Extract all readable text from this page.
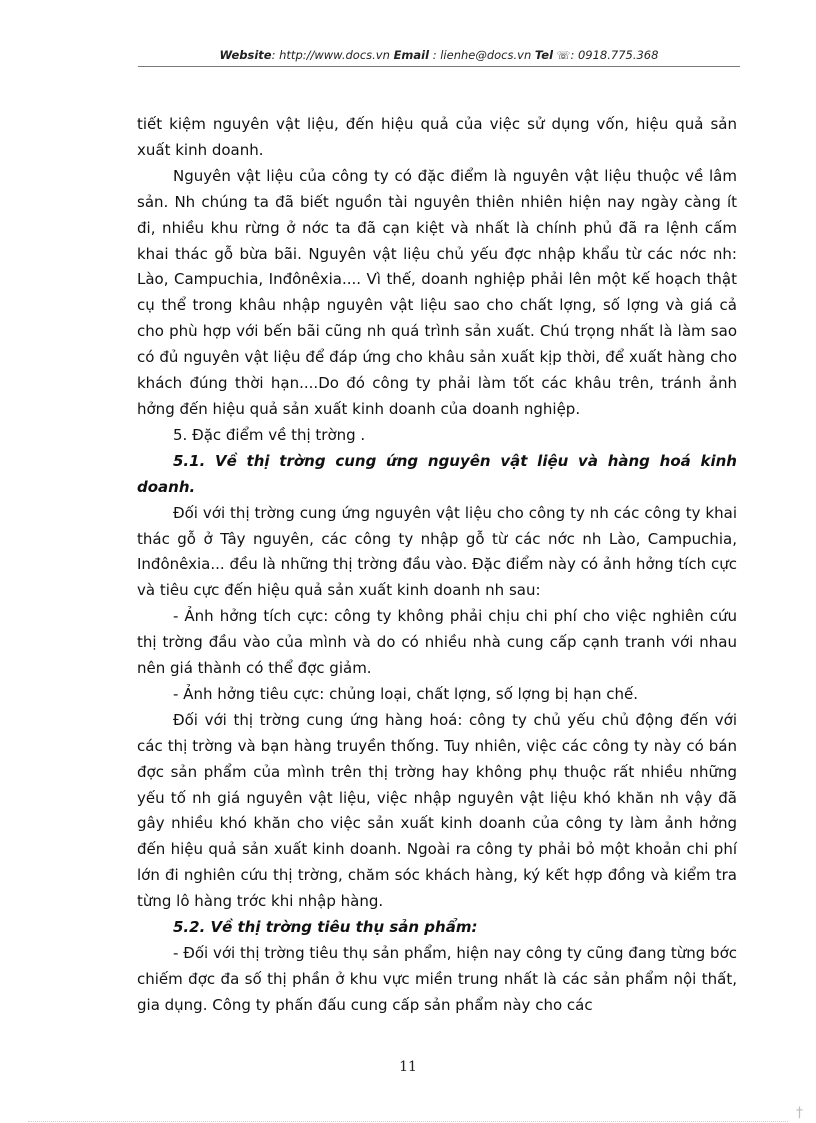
Website: http://www.docs.vn Email : lienhe@docs.vn Tel ☏: 0918.775.368

tiết kiệm nguyên vật liệu, đến hiệu quả của việc sử dụng vốn, hiệu quả sản xuất kinh doanh.

Nguyên vật liệu của công ty có đặc điểm là nguyên vật liệu thuộc về lâm sản. Nh chúng ta đã biết nguồn tài nguyên thiên nhiên hiện nay ngày càng ít đi, nhiều khu rừng ở nớc ta đã cạn kiệt và nhất là chính phủ đã ra lệnh cấm khai thác gỗ bừa bãi. Nguyên vật liệu chủ yếu đợc nhập khẩu từ các nớc nh: Lào, Campuchia, Inđônêxia.... Vì thế, doanh nghiệp phải lên một kế hoạch thật cụ thể trong khâu nhập nguyên vật liệu sao cho chất lợng, số lợng và giá cả cho phù hợp với bến bãi cũng nh quá trình sản xuất. Chú trọng nhất là làm sao có đủ nguyên vật liệu để đáp ứng cho khâu sản xuất kịp thời, để xuất hàng cho khách đúng thời hạn....Do đó công ty phải làm tốt các khâu trên, tránh ảnh hởng đến hiệu quả sản xuất kinh doanh của doanh nghiệp.

5. Đặc điểm về thị trờng .

5.1. Về thị trờng cung ứng nguyên vật liệu và hàng hoá kinh doanh.

Đối với thị trờng cung ứng nguyên vật liệu cho công ty nh các công ty khai thác gỗ ở Tây nguyên, các công ty nhập gỗ từ các nớc nh Lào, Campuchia, Inđônêxia... đều là những thị trờng đầu vào. Đặc điểm này có ảnh hởng tích cực và tiêu cực đến hiệu quả sản xuất kinh doanh nh sau:

- Ảnh hởng tích cực: công ty không phải chịu chi phí cho việc nghiên cứu thị trờng đầu vào của mình và do có nhiều nhà cung cấp cạnh tranh với nhau nên giá thành có thể đợc giảm.

- Ảnh hởng tiêu cực: chủng loại, chất lợng, số lợng bị hạn chế.

Đối với thị trờng cung ứng hàng hoá: công ty chủ yếu chủ động đến với các thị trờng và bạn hàng truyền thống. Tuy nhiên, việc các công ty này có bán đợc sản phẩm của mình trên thị trờng hay không phụ thuộc rất nhiều những yếu tố nh giá nguyên vật liệu, việc nhập nguyên vật liệu khó khăn nh vậy đã gây nhiều khó khăn cho việc sản xuất kinh doanh của công ty làm ảnh hởng đến hiệu quả sản xuất kinh doanh. Ngoài ra công ty phải bỏ một khoản chi phí lớn đi nghiên cứu thị trờng, chăm sóc khách hàng, ký kết hợp đồng và kiểm tra từng lô hàng trớc khi nhập hàng.

5.2. Về thị trờng tiêu thụ sản phẩm:

- Đối với thị trờng tiêu thụ sản phẩm, hiện nay công ty cũng đang từng bớc chiếm đợc đa số thị phần ở khu vực miền trung nhất là các sản phẩm nội thất, gia dụng. Công ty phấn đấu cung cấp sản phẩm này cho các

11
†
